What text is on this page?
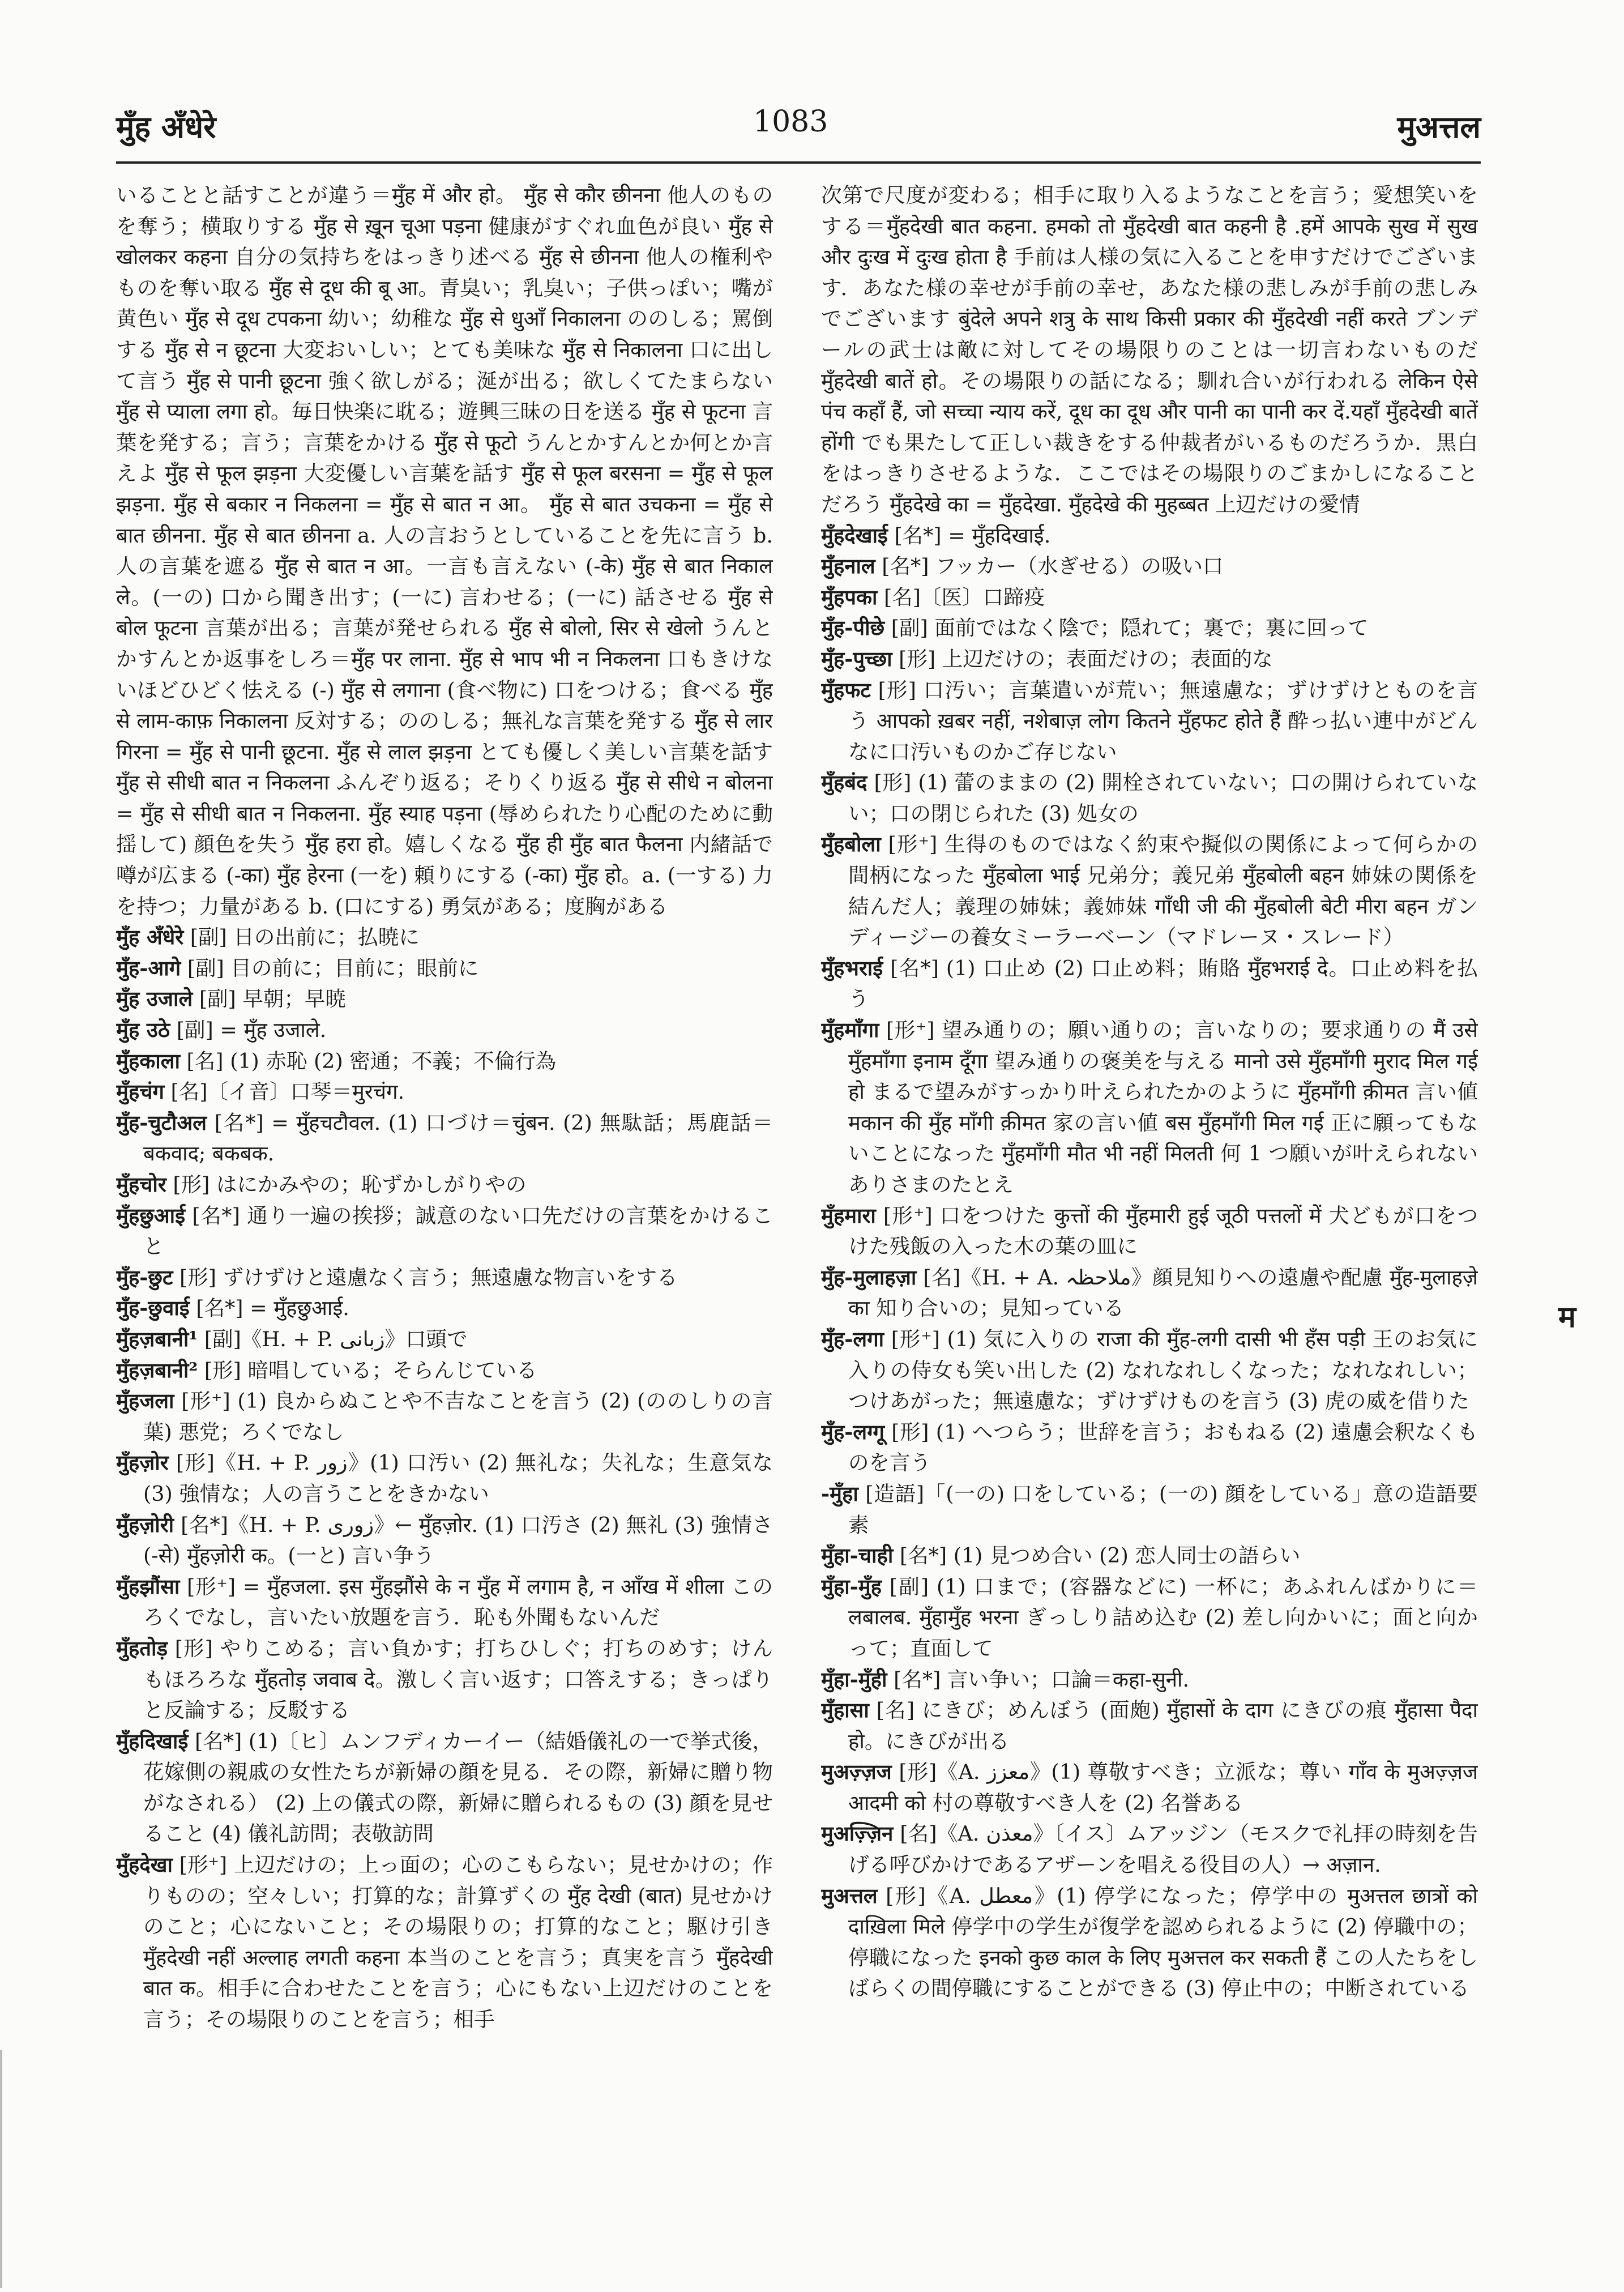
मुँह अँधेरे	1083	मुअत्तल

いることと話すことが違う＝मुँह में और हो。 मुँह से कौर छीनना 他人のものを奪う；横取りする मुँह से ख़ून चूआ पड़ना 健康がすぐれ血色が良い मुँह से खोलकर कहना 自分の気持ちをはっきり述べる मुँह से छीनना 他人の権利やものを奪い取る मुँह से दूध की बू आ。青臭い；乳臭い；子供っぽい；嘴が黄色い मुँह से दूध टपकना 幼い；幼稚な मुँह से धुआँ निकालना ののしる；罵倒する मुँह से न छूटना 大変おいしい；とても美味な मुँह से निकालना 口に出して言う मुँह से पानी छूटना 強く欲しがる；涎が出る；欲しくてたまらない मुँह से प्याला लगा हो。毎日快楽に耽る；遊興三昧の日を送る मुँह से फूटना 言葉を発する；言う；言葉をかける मुँह से फूटो うんとかすんとか何とか言えよ मुँह से फूल झड़ना 大変優しい言葉を話す मुँह से फूल बरसना = मुँह से फूल झड़ना. मुँह से बकार न निकलना = मुँह से बात न आ。 मुँह से बात उचकना = मुँह से बात छीनना. मुँह से बात छीनना a. 人の言おうとしていることを先に言う b. 人の言葉を遮る मुँह से बात न आ。一言も言えない (-के) मुँह से बात निकाल ले。(一の) 口から聞き出す；(一に) 言わせる；(一に) 話させる मुँह से बोल फूटना 言葉が出る；言葉が発せられる मुँह से बोलो, सिर से खेलो うんとかすんとか返事をしろ＝मुँह पर लाना. मुँह से भाप भी न निकलना 口もきけないほどひどく怯える (-) मुँह से लगाना (食べ物に) 口をつける；食べる मुँह से लाम-काफ़ निकालना 反対する；ののしる；無礼な言葉を発する मुँह से लार गिरना = मुँह से पानी छूटना. मुँह से लाल झड़ना とても優しく美しい言葉を話す मुँह से सीधी बात न निकलना ふんぞり返る；そりくり返る मुँह से सीधे न बोलना = मुँह से सीधी बात न निकलना. मुँह स्याह पड़ना (辱められたり心配のために動揺して) 顔色を失う मुँह हरा हो。嬉しくなる मुँह ही मुँह बात फैलना 内緒話で噂が広まる (-का) मुँह हेरना (一を) 頼りにする (-का) मुँह हो。a. (一する) 力を持つ；力量がある b. (口にする) 勇気がある；度胸がある

मुँह अँधेरे [副] 日の出前に；払暁に

मुँह-आगे [副] 目の前に；目前に；眼前に

मुँह उजाले [副] 早朝；早暁

मुँह उठे [副] = मुँह उजाले.

मुँहकाला [名] (1) 赤恥 (2) 密通；不義；不倫行為

मुँहचंग [名]〔イ音〕口琴＝मुरचंग.

मुँह-चुटौअल [名*] = मुँहचटौवल. (1) 口づけ＝चुंबन. (2) 無駄話；馬鹿話＝बकवाद; बकबक.

मुँहचोर [形] はにかみやの；恥ずかしがりやの

मुँहछुआई [名*] 通り一遍の挨拶；誠意のない口先だけの言葉をかけること

मुँह-छुट [形] ずけずけと遠慮なく言う；無遠慮な物言いをする

मुँह-छुवाई [名*] = मुँहछुआई.

मुँहज़बानी¹ [副]《H. + P. زبانی》口頭で

मुँहज़बानी² [形] 暗唱している；そらんじている

मुँहजला [形⁺] (1) 良からぬことや不吉なことを言う (2) (ののしりの言葉) 悪党；ろくでなし

मुँहज़ोर [形]《H. + P. زور》(1) 口汚い (2) 無礼な；失礼な；生意気な (3) 強情な；人の言うことをきかない

मुँहज़ोरी [名*]《H. + P. زوری》← मुँहज़ोर. (1) 口汚さ (2) 無礼 (3) 強情さ (-से) मुँहज़ोरी क。(一と) 言い争う

मुँहझौंसा [形⁺] = मुँहजला. इस मुँहझौंसे के न मुँह में लगाम है, न आँख में शीला このろくでなし，言いたい放題を言う．恥も外聞もないんだ

मुँहतोड़ [形] やりこめる；言い負かす；打ちひしぐ；打ちのめす；けんもほろろな मुँहतोड़ जवाब दे。激しく言い返す；口答えする；きっぱりと反論する；反駁する

मुँहदिखाई [名*] (1)〔ヒ〕ムンフディカーイー（結婚儀礼の一で挙式後，花嫁側の親戚の女性たちが新婦の顔を見る．その際，新婦に贈り物がなされる） (2) 上の儀式の際，新婦に贈られるもの (3) 顔を見せること (4) 儀礼訪問；表敬訪問

मुँहदेखा [形⁺] 上辺だけの；上っ面の；心のこもらない；見せかけの；作りものの；空々しい；打算的な；計算ずくの मुँह देखी (बात) 見せかけのこと；心にないこと；その場限りの；打算的なこと；駆け引き मुँहदेखी नहीं अल्लाह लगती कहना 本当のことを言う；真実を言う मुँहदेखी बात क。相手に合わせたことを言う；心にもない上辺だけのことを言う；その場限りのことを言う；相手

次第で尺度が変わる；相手に取り入るようなことを言う；愛想笑いをする＝मुँहदेखी बात कहना. हमको तो मुँहदेखी बात कहनी है .हमें आपके सुख में सुख और दुःख में दुःख होता है 手前は人様の気に入ることを申すだけでございます．あなた様の幸せが手前の幸せ，あなた様の悲しみが手前の悲しみでございます बुंदेले अपने शत्रु के साथ किसी प्रकार की मुँहदेखी नहीं करते ブンデールの武士は敵に対してその場限りのことは一切言わないものだ मुँहदेखी बातें हो。その場限りの話になる；馴れ合いが行われる लेकिन ऐसे पंच कहाँ हैं, जो सच्चा न्याय करें, दूध का दूध और पानी का पानी कर दें.यहाँ मुँहदेखी बातें होंगी でも果たして正しい裁きをする仲裁者がいるものだろうか．黒白をはっきりさせるような．ここではその場限りのごまかしになることだろう मुँहदेखे का = मुँहदेखा. मुँहदेखे की मुहब्बत 上辺だけの愛情

मुँहदेखाई [名*] = मुँहदिखाई.

मुँहनाल [名*] フッカー（水ぎせる）の吸い口

मुँहपका [名]〔医〕口蹄疫

मुँह-पीछे [副] 面前ではなく陰で；隠れて；裏で；裏に回って

मुँह-पुच्छा [形] 上辺だけの；表面だけの；表面的な

मुँहफट [形] 口汚い；言葉遣いが荒い；無遠慮な；ずけずけとものを言う आपको ख़बर नहीं, नशेबाज़ लोग कितने मुँहफट होते हैं 酔っ払い連中がどんなに口汚いものかご存じない

मुँहबंद [形] (1) 蕾のままの (2) 開栓されていない；口の開けられていない；口の閉じられた (3) 処女の

मुँहबोला [形⁺] 生得のものではなく約束や擬似の関係によって何らかの間柄になった मुँहबोला भाई 兄弟分；義兄弟 मुँहबोली बहन 姉妹の関係を結んだ人；義理の姉妹；義姉妹 गाँधी जी की मुँहबोली बेटी मीरा बहन ガンディージーの養女ミーラーベーン（マドレーヌ・スレード）

मुँहभराई [名*] (1) 口止め (2) 口止め料；賄賂 मुँहभराई दे。口止め料を払う

मुँहमाँगा [形⁺] 望み通りの；願い通りの；言いなりの；要求通りの मैं उसे मुँहमाँगा इनाम दूँगा 望み通りの褒美を与える मानो उसे मुँहमाँगी मुराद मिल गई हो まるで望みがすっかり叶えられたかのように मुँहमाँगी क़ीमत 言い値 मकान की मुँह माँगी क़ीमत 家の言い値 बस मुँहमाँगी मिल गई 正に願ってもないことになった मुँहमाँगी मौत भी नहीं मिलती 何 1 つ願いが叶えられないありさまのたとえ

मुँहमारा [形⁺] 口をつけた कुत्तों की मुँहमारी हुई जूठी पत्तलों में 犬どもが口をつけた残飯の入った木の葉の皿に

मुँह-मुलाहज़ा [名]《H. + A. ملاحظہ》顔見知りへの遠慮や配慮 मुँह-मुलाहज़े का 知り合いの；見知っている

मुँह-लगा [形⁺] (1) 気に入りの राजा की मुँह-लगी दासी भी हँस पड़ी 王のお気に入りの侍女も笑い出した (2) なれなれしくなった；なれなれしい；つけあがった；無遠慮な；ずけずけものを言う (3) 虎の威を借りた

मुँह-लग्गू [形] (1) へつらう；世辞を言う；おもねる (2) 遠慮会釈なくものを言う

-मुँहा [造語]「(一の) 口をしている；(一の) 顔をしている」意の造語要素

मुँहा-चाही [名*] (1) 見つめ合い (2) 恋人同士の語らい

मुँहा-मुँह [副] (1) 口まで；(容器などに) 一杯に；あふれんばかりに＝लबालब. मुँहामुँह भरना ぎっしり詰め込む (2) 差し向かいに；面と向かって；直面して

मुँहा-मुँही [名*] 言い争い；口論＝कहा-सुनी.

मुँहासा [名] にきび；めんぼう (面皰) मुँहासों के दाग にきびの痕 मुँहासा पैदा हो。にきびが出る

मुअज़्ज़ज [形]《A. معزز》(1) 尊敬すべき；立派な；尊い गाँव के मुअज़्ज़ज आदमी को 村の尊敬すべき人を (2) 名誉ある

मुअज़्ज़िन [名]《A. معذن》〔イス〕ムアッジン（モスクで礼拝の時刻を告げる呼びかけであるアザーンを唱える役目の人）→ अज़ान.

मुअत्तल [形]《A. معطل》(1) 停学になった；停学中の मुअत्तल छात्रों को दाख़िला मिले 停学中の学生が復学を認められるように (2) 停職中の；停職になった इनको कुछ काल के लिए मुअत्तल कर सकती हैं この人たちをしばらくの間停職にすることができる (3) 停止中の；中断されている

म
